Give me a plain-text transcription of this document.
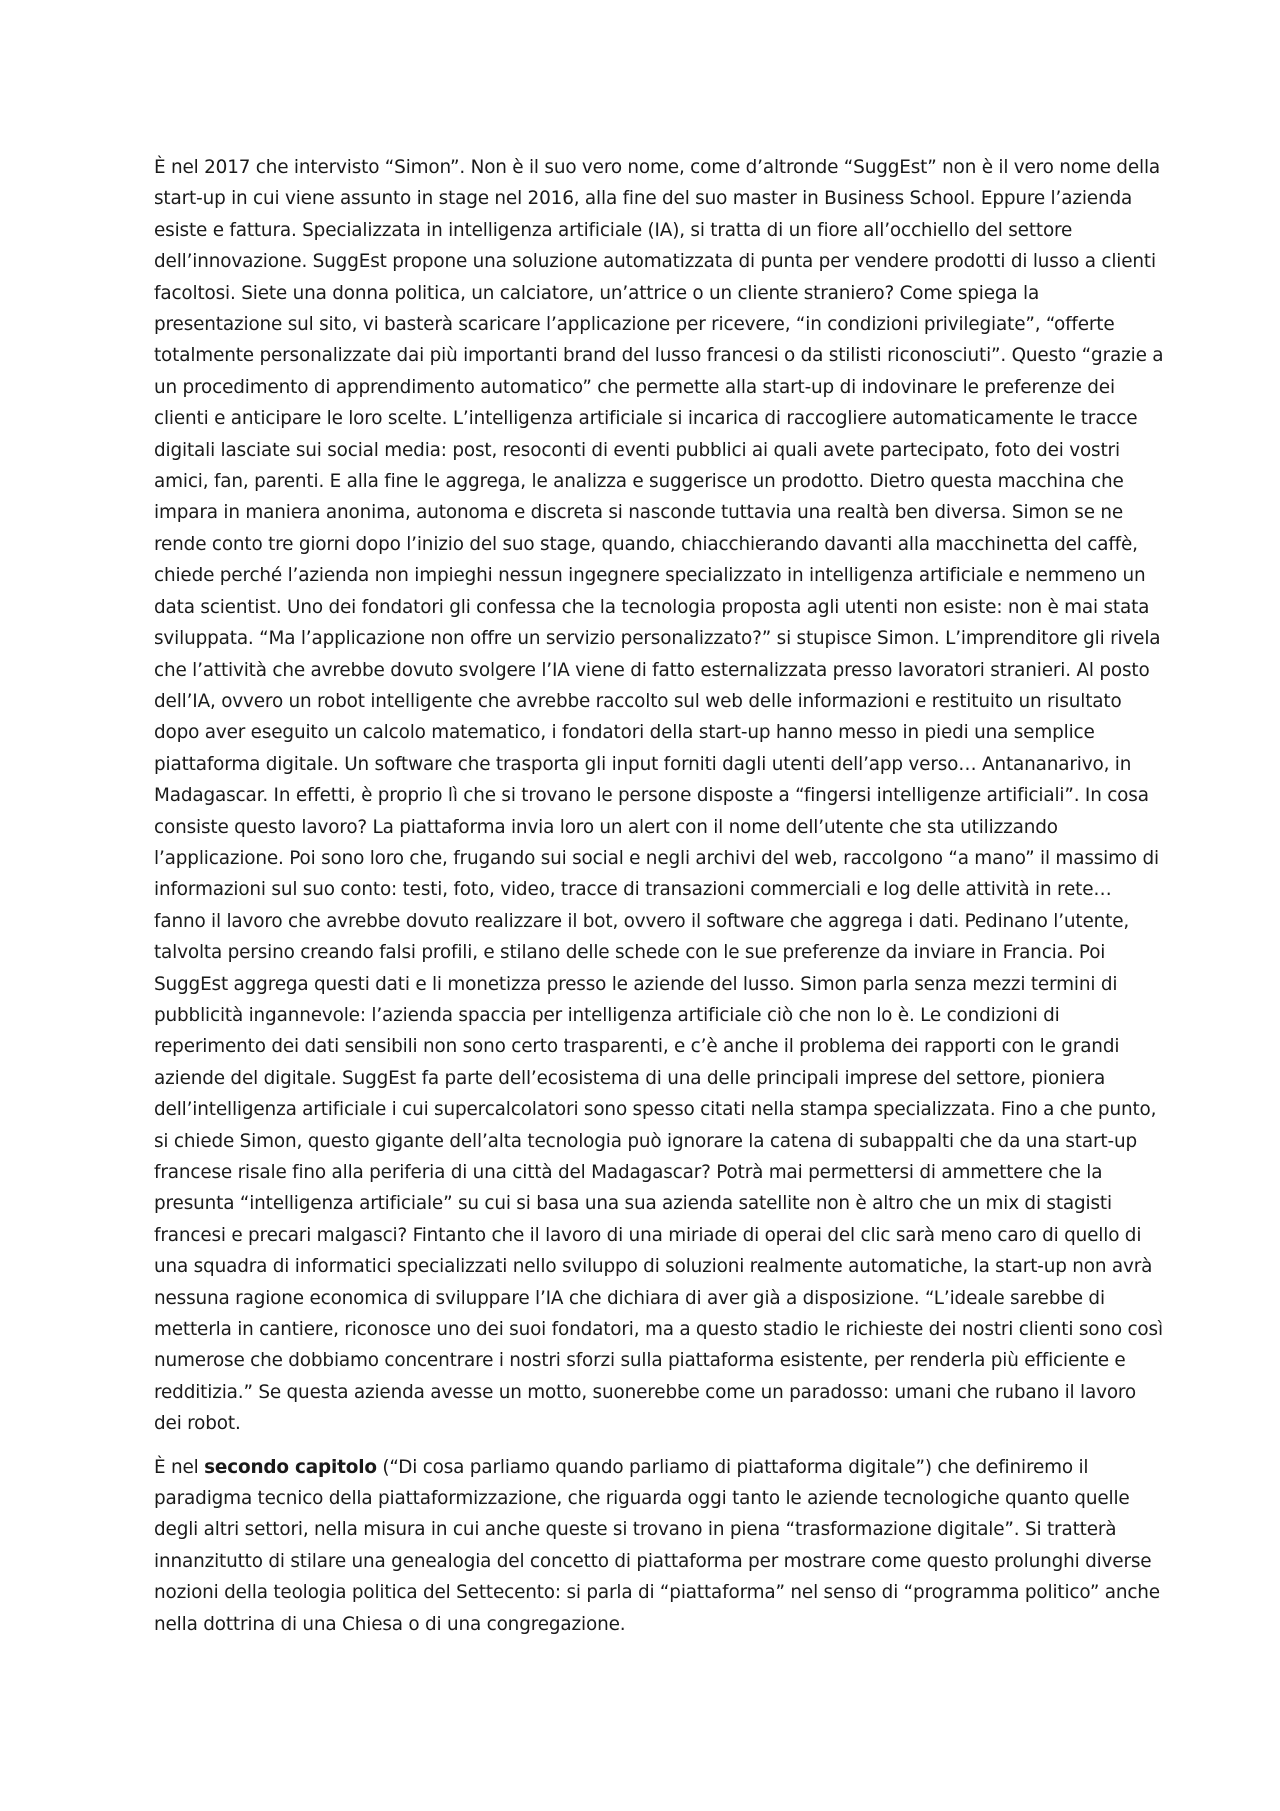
È nel 2017 che intervisto “Simon”. Non è il suo vero nome, come d’altronde “SuggEst” non è il vero nome della start-up in cui viene assunto in stage nel 2016, alla fine del suo master in Business School. Eppure l’azienda esiste e fattura. Specializzata in intelligenza artificiale (IA), si tratta di un fiore all’occhiello del settore dell’innovazione. SuggEst propone una soluzione automatizzata di punta per vendere prodotti di lusso a clienti facoltosi. Siete una donna politica, un calciatore, un’attrice o un cliente straniero? Come spiega la presentazione sul sito, vi basterà scaricare l’applicazione per ricevere, “in condizioni privilegiate”, “offerte totalmente personalizzate dai più importanti brand del lusso francesi o da stilisti riconosciuti”. Questo “grazie a un procedimento di apprendimento automatico” che permette alla start-up di indovinare le preferenze dei clienti e anticipare le loro scelte. L’intelligenza artificiale si incarica di raccogliere automaticamente le tracce digitali lasciate sui social media: post, resoconti di eventi pubblici ai quali avete partecipato, foto dei vostri amici, fan, parenti. E alla fine le aggrega, le analizza e suggerisce un prodotto. Dietro questa macchina che impara in maniera anonima, autonoma e discreta si nasconde tuttavia una realtà ben diversa. Simon se ne rende conto tre giorni dopo l’inizio del suo stage, quando, chiacchierando davanti alla macchinetta del caffè, chiede perché l’azienda non impieghi nessun ingegnere specializzato in intelligenza artificiale e nemmeno un data scientist. Uno dei fondatori gli confessa che la tecnologia proposta agli utenti non esiste: non è mai stata sviluppata. “Ma l’applicazione non offre un servizio personalizzato?” si stupisce Simon. L’imprenditore gli rivela che l’attività che avrebbe dovuto svolgere l’IA viene di fatto esternalizzata presso lavoratori stranieri. Al posto dell’IA, ovvero un robot intelligente che avrebbe raccolto sul web delle informazioni e restituito un risultato dopo aver eseguito un calcolo matematico, i fondatori della start-up hanno messo in piedi una semplice piattaforma digitale. Un software che trasporta gli input forniti dagli utenti dell’app verso… Antananarivo, in Madagascar. In effetti, è proprio lì che si trovano le persone disposte a “fingersi intelligenze artificiali”. In cosa consiste questo lavoro? La piattaforma invia loro un alert con il nome dell’utente che sta utilizzando l’applicazione. Poi sono loro che, frugando sui social e negli archivi del web, raccolgono “a mano” il massimo di informazioni sul suo conto: testi, foto, video, tracce di transazioni commerciali e log delle attività in rete… fanno il lavoro che avrebbe dovuto realizzare il bot, ovvero il software che aggrega i dati. Pedinano l’utente, talvolta persino creando falsi profili, e stilano delle schede con le sue preferenze da inviare in Francia. Poi SuggEst aggrega questi dati e li monetizza presso le aziende del lusso. Simon parla senza mezzi termini di pubblicità ingannevole: l’azienda spaccia per intelligenza artificiale ciò che non lo è. Le condizioni di reperimento dei dati sensibili non sono certo trasparenti, e c’è anche il problema dei rapporti con le grandi aziende del digitale. SuggEst fa parte dell’ecosistema di una delle principali imprese del settore, pioniera dell’intelligenza artificiale i cui supercalcolatori sono spesso citati nella stampa specializzata. Fino a che punto, si chiede Simon, questo gigante dell’alta tecnologia può ignorare la catena di subappalti che da una start-up francese risale fino alla periferia di una città del Madagascar? Potrà mai permettersi di ammettere che la presunta “intelligenza artificiale” su cui si basa una sua azienda satellite non è altro che un mix di stagisti francesi e precari malgasci? Fintanto che il lavoro di una miriade di operai del clic sarà meno caro di quello di una squadra di informatici specializzati nello sviluppo di soluzioni realmente automatiche, la start-up non avrà nessuna ragione economica di sviluppare l’IA che dichiara di aver già a disposizione. “L’ideale sarebbe di metterla in cantiere, riconosce uno dei suoi fondatori, ma a questo stadio le richieste dei nostri clienti sono così numerose che dobbiamo concentrare i nostri sforzi sulla piattaforma esistente, per renderla più efficiente e redditizia.” Se questa azienda avesse un motto, suonerebbe come un paradosso: umani che rubano il lavoro dei robot.

È nel secondo capitolo (“Di cosa parliamo quando parliamo di piattaforma digitale”) che definiremo il paradigma tecnico della piattaformizzazione, che riguarda oggi tanto le aziende tecnologiche quanto quelle degli altri settori, nella misura in cui anche queste si trovano in piena “trasformazione digitale”. Si tratterà innanzitutto di stilare una genealogia del concetto di piattaforma per mostrare come questo prolunghi diverse nozioni della teologia politica del Settecento: si parla di “piattaforma” nel senso di “programma politico” anche nella dottrina di una Chiesa o di una congregazione.
